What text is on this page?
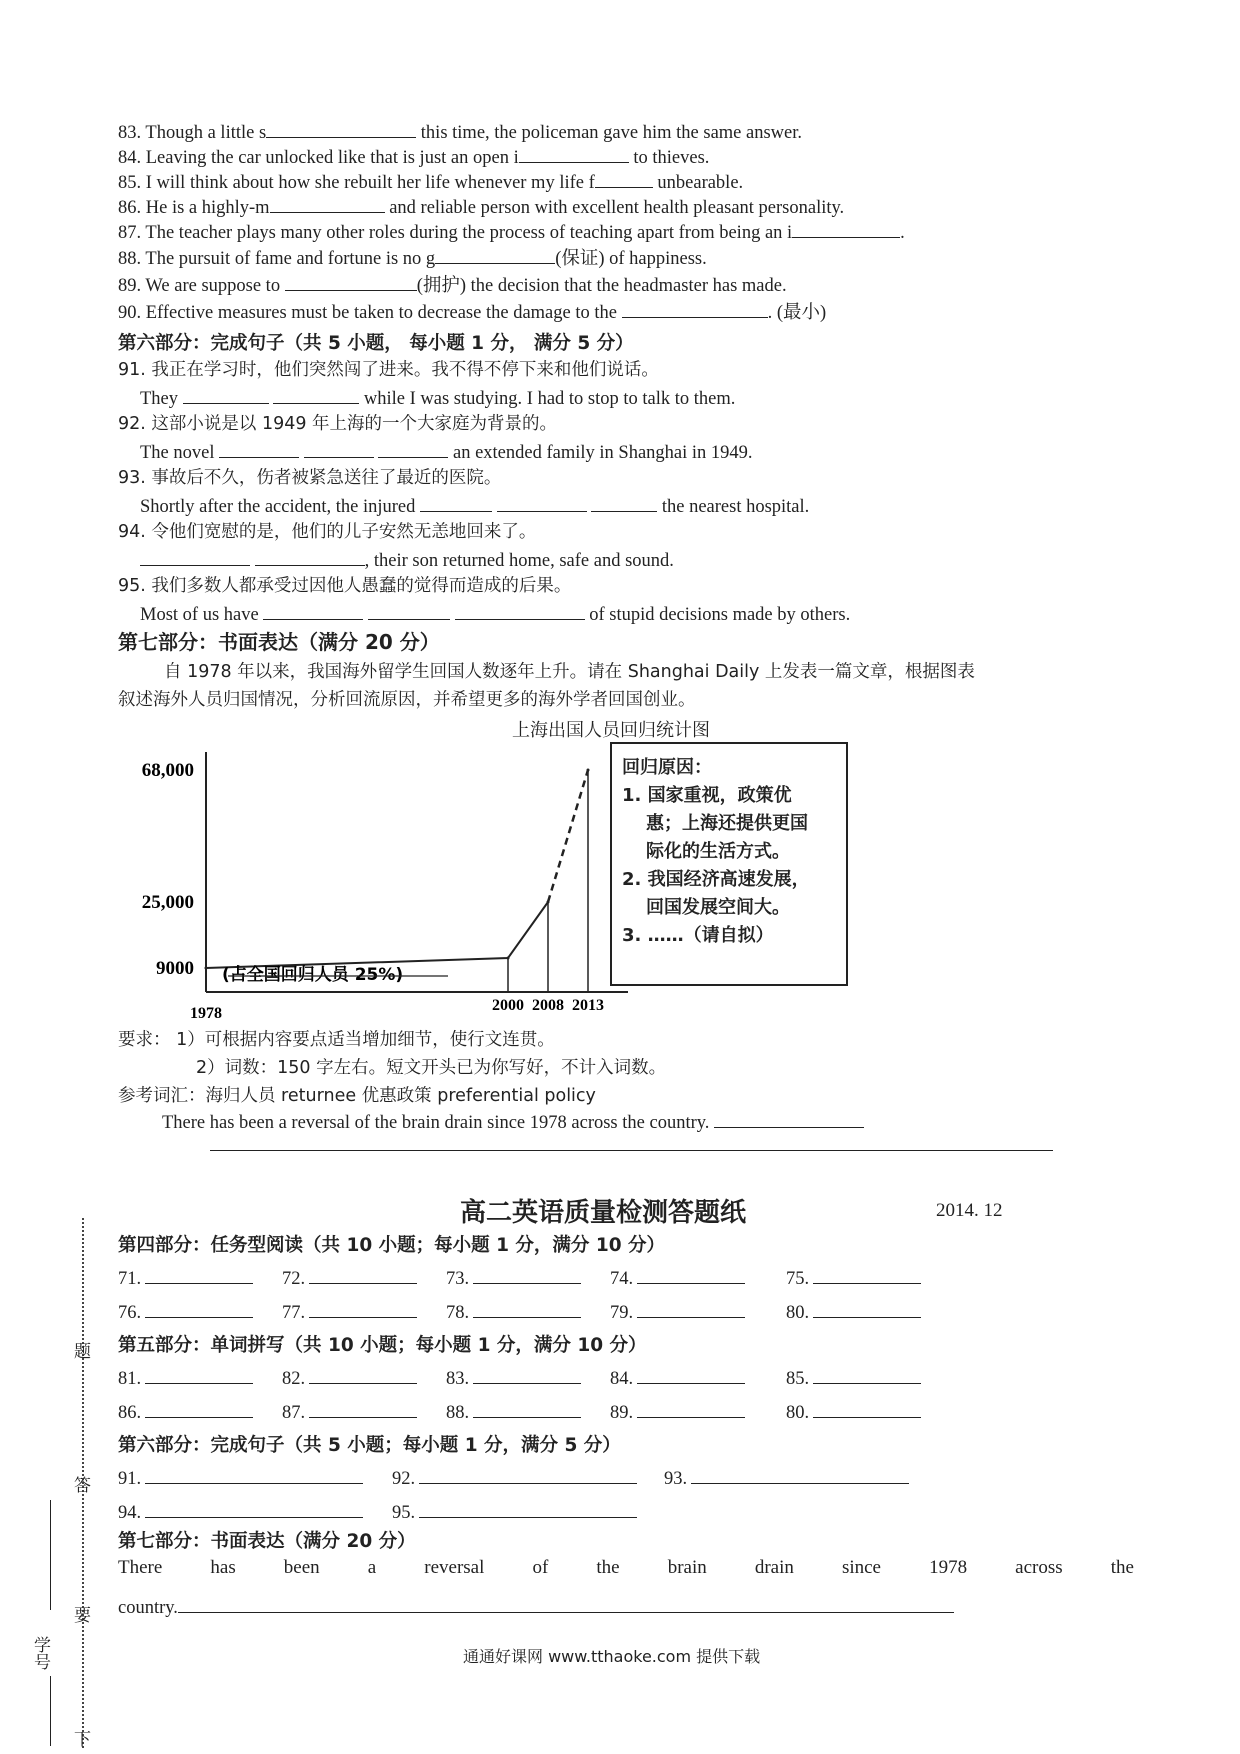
83. Though a little s	this time, the policeman gave him the same answer.
84. Leaving the car unlocked like that is just an open i	to thieves.
85. I will think about how she rebuilt her life whenever my life f	unbearable.
86. He is a highly-m	and reliable person with excellent health pleasant personality.
87. The teacher plays many other roles during the process of teaching apart from being an i	.
88. The pursuit of fame and fortune is no g	(保证) of happiness.
89. We are suppose to	(拥护) the decision that the headmaster has made.
90. Effective measures must be taken to decrease the damage to the	. (最小)
第六部分：完成句子（共 5 小题， 每小题 1 分， 满分 5 分）
91. 我正在学习时，他们突然闯了进来。我不得不停下来和他们说话。
They	while I was studying. I had to stop to talk to them.
92. 这部小说是以 1949 年上海的一个大家庭为背景的。
The novel	an extended family in Shanghai in 1949.
93. 事故后不久，伤者被紧急送往了最近的医院。
Shortly after the accident, the injured	the nearest hospital.
94. 令他们宽慰的是，他们的儿子安然无恙地回来了。
, their son returned home, safe and sound.
95. 我们多数人都承受过因他人愚蠢的觉得而造成的后果。
Most of us have	of stupid decisions made by others.
第七部分：书面表达（满分 20 分）
自 1978 年以来，我国海外留学生回国人数逐年上升。请在 Shanghai Daily 上发表一篇文章，根据图表
叙述海外人员归国情况，分析回流原因，并希望更多的海外学者回国创业。
上海出国人员回归统计图
68,000
25,000
9000
1978	2000 2008 2013
(占全国回归人员 25%)
回归原因：
1. 国家重视，政策优
惠；上海还提供更国
际化的生活方式。
2. 我国经济高速发展，
回国发展空间大。
3. ……（请自拟）
要求： 1）可根据内容要点适当增加细节，使行文连贯。
2）词数：150 字左右。短文开头已为你写好，不计入词数。
参考词汇：海归人员 returnee 优惠政策 preferential policy
There has been a reversal of the brain drain since 1978 across the country.
高二英语质量检测答题纸	2014. 12
第四部分：任务型阅读（共 10 小题；每小题 1 分，满分 10 分）
71.	72.	73.	74.	75.
76.	77.	78.	79.	80.
第五部分：单词拼写（共 10 小题；每小题 1 分，满分 10 分）
81.	82.	83.	84.	85.
86.	87.	88.	89.	80.
第六部分：完成句子（共 5 小题；每小题 1 分，满分 5 分）
91.	92.	93.
94.	95.
第七部分：书面表达（满分 20 分）
There	has	been	a	reversal	of	the	brain	drain	since	1978	across	the
country.
通通好课网 www.tthaoke.com 提供下载
题
答
要
学号
下
